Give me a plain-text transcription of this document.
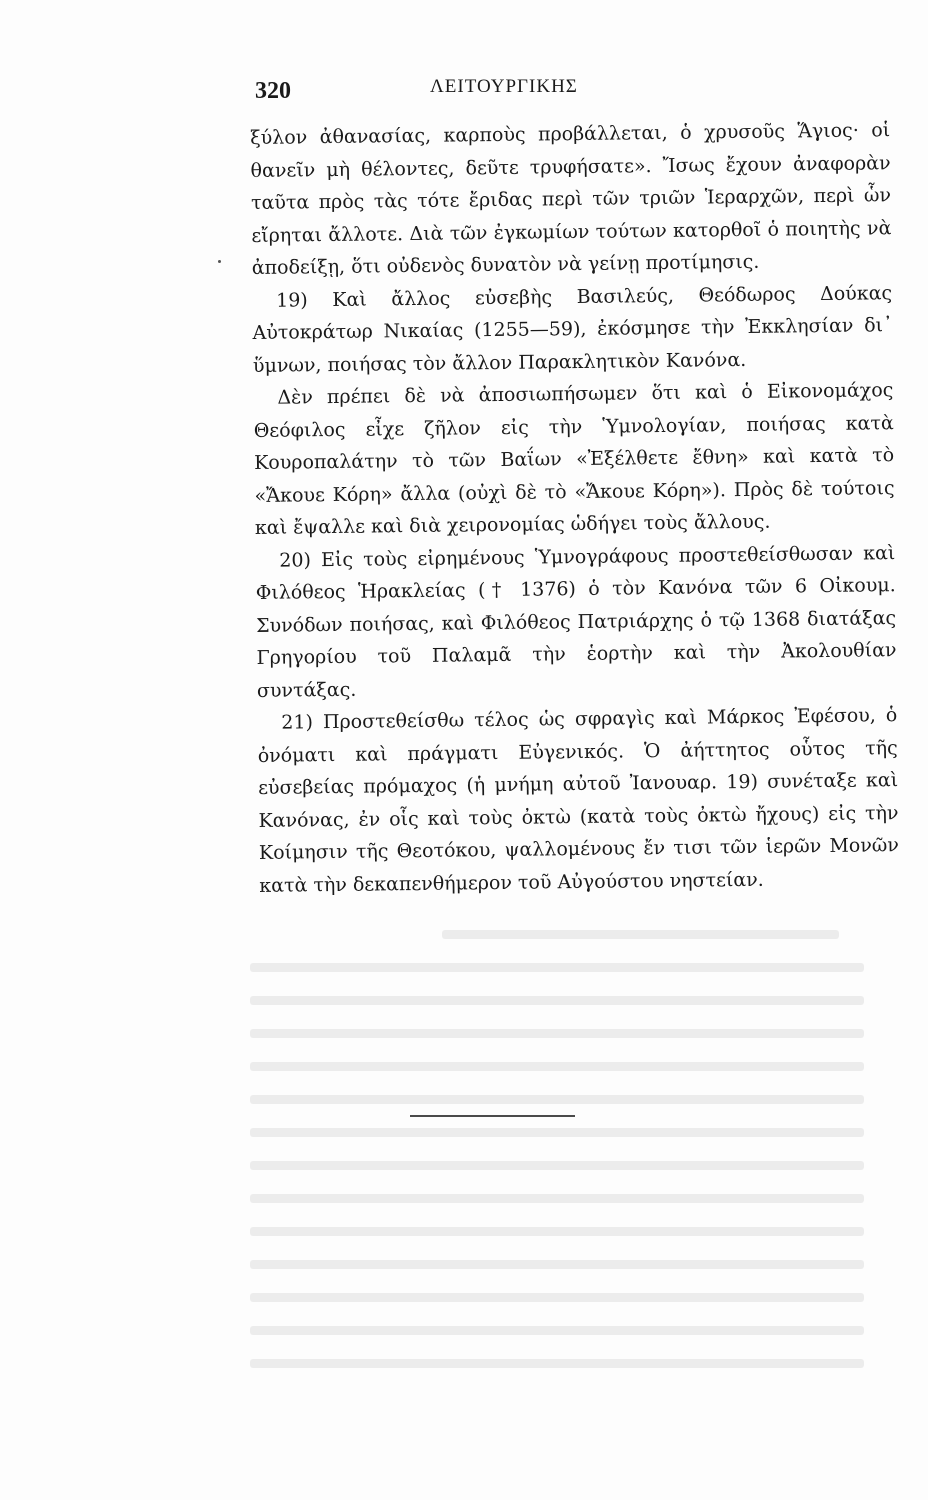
320	ΛΕΙΤΟΥΡΓΙΚΗΣ

ξύλον ἀθανασίας, καρποὺς προβάλλεται, ὁ χρυσοῦς Ἅγιος· οἱ θανεῖν μὴ θέλοντες, δεῦτε τρυφήσατε». Ἴσως ἔχουν ἀναφορὰν ταῦτα πρὸς τὰς τότε ἔριδας περὶ τῶν τριῶν Ἱεραρχῶν, περὶ ὧν εἴρηται ἄλλοτε. Διὰ τῶν ἐγκωμίων τούτων κατορθοῖ ὁ ποιητὴς νὰ ἀποδείξῃ, ὅτι οὐδενὸς δυνατὸν νὰ γείνῃ προτίμησις.

19) Καὶ ἄλλος εὐσεβὴς Βασιλεύς, Θεόδωρος Δούκας Αὐτοκράτωρ Νικαίας (1255—59), ἐκόσμησε τὴν Ἐκκλησίαν δι᾿ ὕμνων, ποιήσας τὸν ἄλλον Παρακλητικὸν Κανόνα.

Δὲν πρέπει δὲ νὰ ἀποσιωπήσωμεν ὅτι καὶ ὁ Εἰκονομάχος Θεόφιλος εἶχε ζῆλον εἰς τὴν Ὑμνολογίαν, ποιήσας κατὰ Κουροπαλάτην τὸ τῶν Βαΐων «Ἐξέλθετε ἔθνη» καὶ κατὰ τὸ «Ἄκουε Κόρη» ἄλλα (οὐχὶ δὲ τὸ «Ἄκουε Κόρη»). Πρὸς δὲ τούτοις καὶ ἔψαλλε καὶ διὰ χειρονομίας ὡδήγει τοὺς ἄλλους.

20) Εἰς τοὺς εἰρημένους Ὑμνογράφους προστεθείσθωσαν καὶ Φιλόθεος Ἡρακλείας († 1376) ὁ τὸν Κανόνα τῶν 6 Οἰκουμ. Συνόδων ποιήσας, καὶ Φιλόθεος Πατριάρχης ὁ τῷ 1368 διατάξας Γρηγορίου τοῦ Παλαμᾶ τὴν ἑορτὴν καὶ τὴν Ἀκολουθίαν συντάξας.

21) Προστεθείσθω τέλος ὡς σφραγὶς καὶ Μάρκος Ἐφέσου, ὁ ὀνόματι καὶ πράγματι Εὐγενικός. Ὁ ἀήττητος οὗτος τῆς εὐσεβείας πρόμαχος (ἡ μνήμη αὐτοῦ Ἰανουαρ. 19) συνέταξε καὶ Κανόνας, ἐν οἷς καὶ τοὺς ὀκτὼ (κατὰ τοὺς ὀκτὼ ἤχους) εἰς τὴν Κοίμησιν τῆς Θεοτόκου, ψαλλομένους ἔν τισι τῶν ἱερῶν Μονῶν κατὰ τὴν δεκαπενθήμερον τοῦ Αὐγούστου νηστείαν.
